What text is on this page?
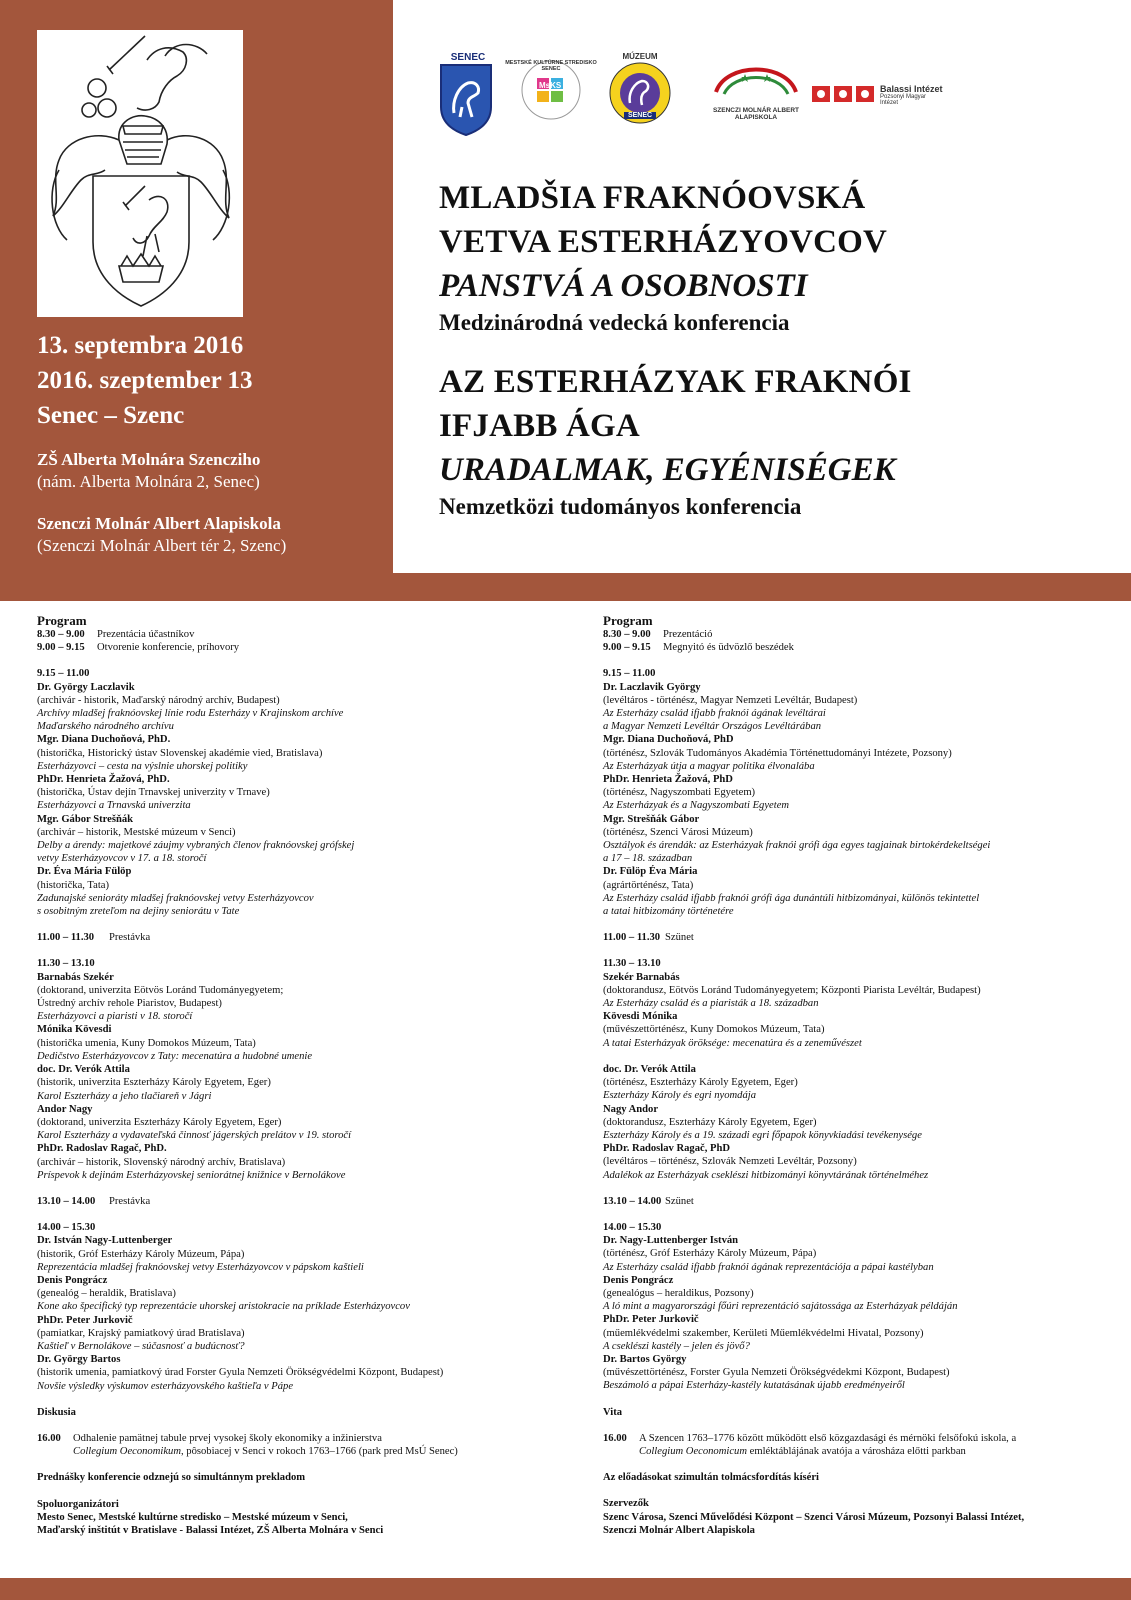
SENEC
MsKS
MESTSKÉ KULTÚRNE STREDISKO SENEC
MÚZEUM
SENEC
SZENCZI MOLNÁR ALBERT
ALAPISKOLA
Balassi Intézet
Pozsonyi Magyar
Intézet
MLADŠIA FRAKNÓOVSKÁ
VETVA ESTERHÁZYOVCOV
PANSTVÁ A OSOBNOSTI
Medzinárodná vedecká konferencia
AZ ESTERHÁZYAK FRAKNÓI
IFJABB ÁGA
URADALMAK, EGYÉNISÉGEK
Nemzetközi tudományos konferencia
13. septembra 2016
2016. szeptember 13
Senec – Szenc
ZŠ Alberta Molnára Szencziho
(nám. Alberta Molnára 2, Senec)
Szenczi Molnár Albert Alapiskola
(Szenczi Molnár Albert tér 2, Szenc)
Program
8.30 – 9.00 Prezentácia účastníkov
9.00 – 9.15 Otvorenie konferencie, príhovory
9.15 – 11.00
Dr. György Laczlavik
(archivár - historik, Maďarský národný archív, Budapest)
Archívy mladšej fraknóovskej línie rodu Esterházy v Krajinskom archíve
Maďarského národného archívu
Mgr. Diana Duchoňová, PhD.
(historička, Historický ústav Slovenskej akadémie vied, Bratislava)
Esterházyovci – cesta na výslnie uhorskej politiky
PhDr. Henrieta Žažová, PhD.
(historička, Ústav dejín Trnavskej univerzity v Trnave)
Esterházyovci a Trnavská univerzita
Mgr. Gábor Strešňák
(archivár – historik, Mestské múzeum v Senci)
Delby a árendy: majetkové záujmy vybraných členov fraknóovskej grófskej
vetvy Esterházyovcov v 17. a 18. storočí
Dr. Éva Mária Fülöp
(historička, Tata)
Zadunajské senioráty mladšej fraknóovskej vetvy Esterházyovcov
s osobitným zreteľom na dejiny seniorátu v Tate
11.00 – 11.30 Prestávka
11.30 – 13.10
Barnabás Szekér
(doktorand, univerzita Eötvös Loránd Tudományegyetem;
Ústredný archív rehole Piaristov, Budapest)
Esterházyovci a piaristi v 18. storočí
Mónika Kövesdi
(historička umenia, Kuny Domokos Múzeum, Tata)
Dedičstvo Esterházyovcov z Taty: mecenatúra a hudobné umenie
doc. Dr. Verók Attila
(historik, univerzita Eszterházy Károly Egyetem, Eger)
Karol Eszterházy a jeho tlačiareň v Jágri
Andor Nagy
(doktorand, univerzita Eszterházy Károly Egyetem, Eger)
Karol Eszterházy a vydavateľská činnosť jágerských prelátov v 19. storočí
PhDr. Radoslav Ragač, PhD.
(archivár – historik, Slovenský národný archív, Bratislava)
Príspevok k dejinám Esterházyovskej seniorátnej knižnice v Bernolákove
13.10 – 14.00 Prestávka
14.00 – 15.30
Dr. István Nagy-Luttenberger
(historik, Gróf Esterházy Károly Múzeum, Pápa)
Reprezentácia mladšej fraknóovskej vetvy Esterházyovcov v pápskom kaštieli
Denis Pongrácz
(genealóg – heraldik, Bratislava)
Kone ako špecifický typ reprezentácie uhorskej aristokracie na príklade Esterházyovcov
PhDr. Peter Jurkovič
(pamiatkar, Krajský pamiatkový úrad Bratislava)
Kaštieľ v Bernolákove – súčasnosť a budúcnosť?
Dr. György Bartos
(historik umenia, pamiatkový úrad Forster Gyula Nemzeti Örökségvédelmi Központ, Budapest)
Novšie výsledky výskumov esterházyovského kaštieľa v Pápe
Diskusia
16.00 Odhalenie pamätnej tabule prvej vysokej školy ekonomiky a inžinierstva
Collegium Oeconomikum, pôsobiacej v Senci v rokoch 1763–1766 (park pred MsÚ Senec)
Prednášky konferencie odznejú so simultánnym prekladom
Spoluorganizátori
Mesto Senec, Mestské kultúrne stredisko – Mestské múzeum v Senci,
Maďarský inštitút v Bratislave - Balassi Intézet, ZŠ Alberta Molnára v Senci
Program
8.30 – 9.00 Prezentáció
9.00 – 9.15 Megnyitó és üdvözlő beszédek
9.15 – 11.00
Dr. Laczlavik György
(levéltáros - történész, Magyar Nemzeti Levéltár, Budapest)
Az Esterházy család ifjabb fraknói ágának levéltárai
a Magyar Nemzeti Levéltár Országos Levéltárában
Mgr. Diana Duchoňová, PhD
(történész, Szlovák Tudományos Akadémia Történettudományi Intézete, Pozsony)
Az Esterházyak útja a magyar politika élvonalába
PhDr. Henrieta Žažová, PhD
(történész, Nagyszombati Egyetem)
Az Esterházyak és a Nagyszombati Egyetem
Mgr. Strešňák Gábor
(történész, Szenci Városi Múzeum)
Osztályok és árendák: az Esterházyak fraknói grófi ága egyes tagjainak birtokérdekeltségei
a 17 – 18. században
Dr. Fülöp Éva Mária
(agrártörténész, Tata)
Az Esterházy család ifjabb fraknói grófi ága dunántúli hitbizományai, különös tekintettel
a tatai hitbizomány történetére
11.00 – 11.30 Szünet
11.30 – 13.10
Szekér Barnabás
(doktorandusz, Eötvös Loránd Tudományegyetem; Központi Piarista Levéltár, Budapest)
Az Esterházy család és a piaristák a 18. században
Kövesdi Mónika
(művészettörténész, Kuny Domokos Múzeum, Tata)
A tatai Esterházyak öröksége: mecenatúra és a zeneművészet
doc. Dr. Verók Attila
(történész, Eszterházy Károly Egyetem, Eger)
Eszterházy Károly és egri nyomdája
Nagy Andor
(doktorandusz, Eszterházy Károly Egyetem, Eger)
Eszterházy Károly és a 19. századi egri főpapok könyvkiadási tevékenysége
PhDr. Radoslav Ragač, PhD
(levéltáros – történész, Szlovák Nemzeti Levéltár, Pozsony)
Adalékok az Esterházyak cseklészi hitbizományi könyvtárának történelméhez
13.10 – 14.00 Szünet
14.00 – 15.30
Dr. Nagy-Luttenberger István
(történész, Gróf Esterházy Károly Múzeum, Pápa)
Az Esterházy család ifjabb fraknói ágának reprezentációja a pápai kastélyban
Denis Pongrácz
(genealógus – heraldikus, Pozsony)
A ló mint a magyarországi főúri reprezentáció sajátossága az Esterházyak példáján
PhDr. Peter Jurkovič
(műemlékvédelmi szakember, Kerületi Műemlékvédelmi Hivatal, Pozsony)
A cseklészi kastély – jelen és jövő?
Dr. Bartos György
(művészettörténész, Forster Gyula Nemzeti Örökségvédekmi Központ, Budapest)
Beszámoló a pápai Esterházy-kastély kutatásának újabb eredményeiről
Vita
16.00 A Szencen 1763–1776 között működött első közgazdasági és mérnöki felsőfokú iskola, a
Collegium Oeconomicum emléktáblájának avatója a városháza előtti parkban
Az előadásokat szimultán tolmácsfordítás kíséri
Szervezők
Szenc Városa, Szenci Művelődési Központ – Szenci Városi Múzeum, Pozsonyi Balassi Intézet,
Szenczi Molnár Albert Alapiskola
